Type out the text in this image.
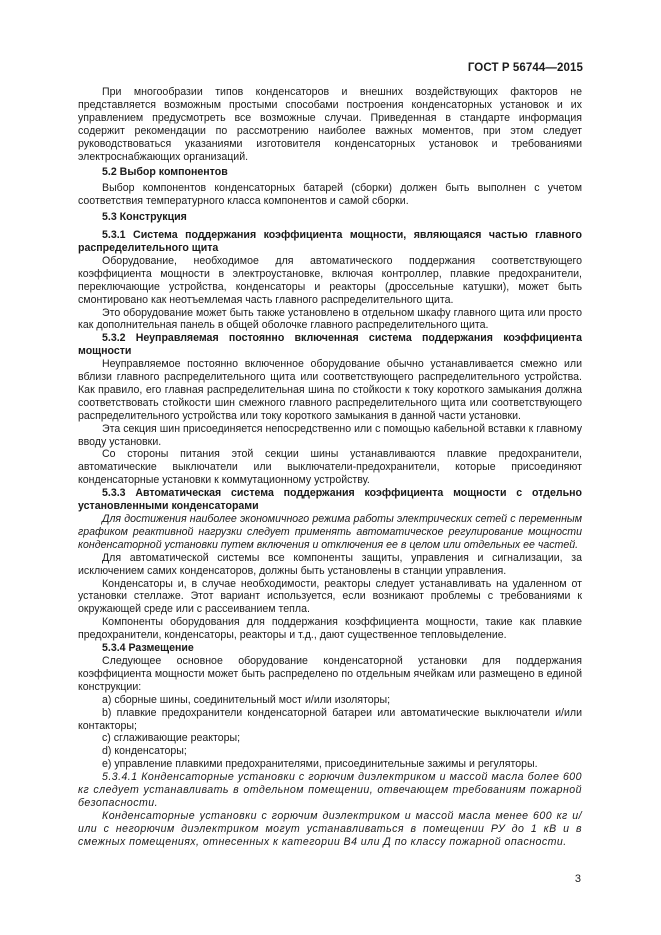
ГОСТ Р 56744—2015

При многообразии типов конденсаторов и внешних воздействующих факторов не представляется возможным простыми способами построения конденсаторных установок и их управлением предусмотреть все возможные случаи. Приведенная в стандарте информация содержит рекомендации по рассмотрению наиболее важных моментов, при этом следует руководствоваться указаниями изготовителя конденсаторных установок и требованиями электроснабжающих организаций.

5.2 Выбор компонентов

Выбор компонентов конденсаторных батарей (сборки) должен быть выполнен с учетом соответствия температурного класса компонентов и самой сборки.

5.3 Конструкция
5.3.1 Система поддержания коэффициента мощности, являющаяся частью главного распределительного щита

Оборудование, необходимое для автоматического поддержания соответствующего коэффициента мощности в электроустановке, включая контроллер, плавкие предохранители, переключающие устройства, конденсаторы и реакторы (дроссельные катушки), может быть смонтировано как неотъемлемая часть главного распределительного щита.

Это оборудование может быть также установлено в отдельном шкафу главного щита или просто как дополнительная панель в общей оболочке главного распределительного щита.

5.3.2 Неуправляемая постоянно включенная система поддержания коэффициента мощности

Неуправляемое постоянно включенное оборудование обычно устанавливается смежно или вблизи главного распределительного щита или соответствующего распределительного устройства. Как правило, его главная распределительная шина по стойкости к току короткого замыкания должна соответствовать стойкости шин смежного главного распределительного щита или соответствующего распределительного устройства или току короткого замыкания в данной части установки.

Эта секция шин присоединяется непосредственно или с помощью кабельной вставки к главному вводу установки.

Со стороны питания этой секции шины устанавливаются плавкие предохранители, автоматические выключатели или выключатели-предохранители, которые присоединяют конденсаторные установки к коммутационному устройству.

5.3.3 Автоматическая система поддержания коэффициента мощности с отдельно установленными конденсаторами

Для достижения наиболее экономичного режима работы электрических сетей с переменным графиком реактивной нагрузки следует применять автоматическое регулирование мощности конденсаторной установки путем включения и отключения ее в целом или отдельных ее частей.

Для автоматической системы все компоненты защиты, управления и сигнализации, за исключением самих конденсаторов, должны быть установлены в станции управления.

Конденсаторы и, в случае необходимости, реакторы следует устанавливать на удаленном от установки стеллаже. Этот вариант используется, если возникают проблемы с требованиями к окружающей среде или с рассеиванием тепла.

Компоненты оборудования для поддержания коэффициента мощности, такие как плавкие предохранители, конденсаторы, реакторы и т.д., дают существенное тепловыделение.

5.3.4 Размещение

Следующее основное оборудование конденсаторной установки для поддержания коэффициента мощности может быть распределено по отдельным ячейкам или размещено в единой конструкции:

а) сборные шины, соединительный мост и/или изоляторы;

b) плавкие предохранители конденсаторной батареи или автоматические выключатели и/или контакторы;

с) сглаживающие реакторы;

d) конденсаторы;

е) управление плавкими предохранителями, присоединительные зажимы и регуляторы.

5.3.4.1 Конденсаторные установки с горючим диэлектриком и массой масла более 600 кг следует устанавливать в отдельном помещении, отвечающем требованиям пожарной безопасности.

Конденсаторные установки с горючим диэлектриком и массой масла менее 600 кг и/или с негорючим диэлектриком могут устанавливаться в помещении РУ до 1 кВ и в смежных помещениях, отнесенных к категории В4 или Д по классу пожарной опасности.

3
